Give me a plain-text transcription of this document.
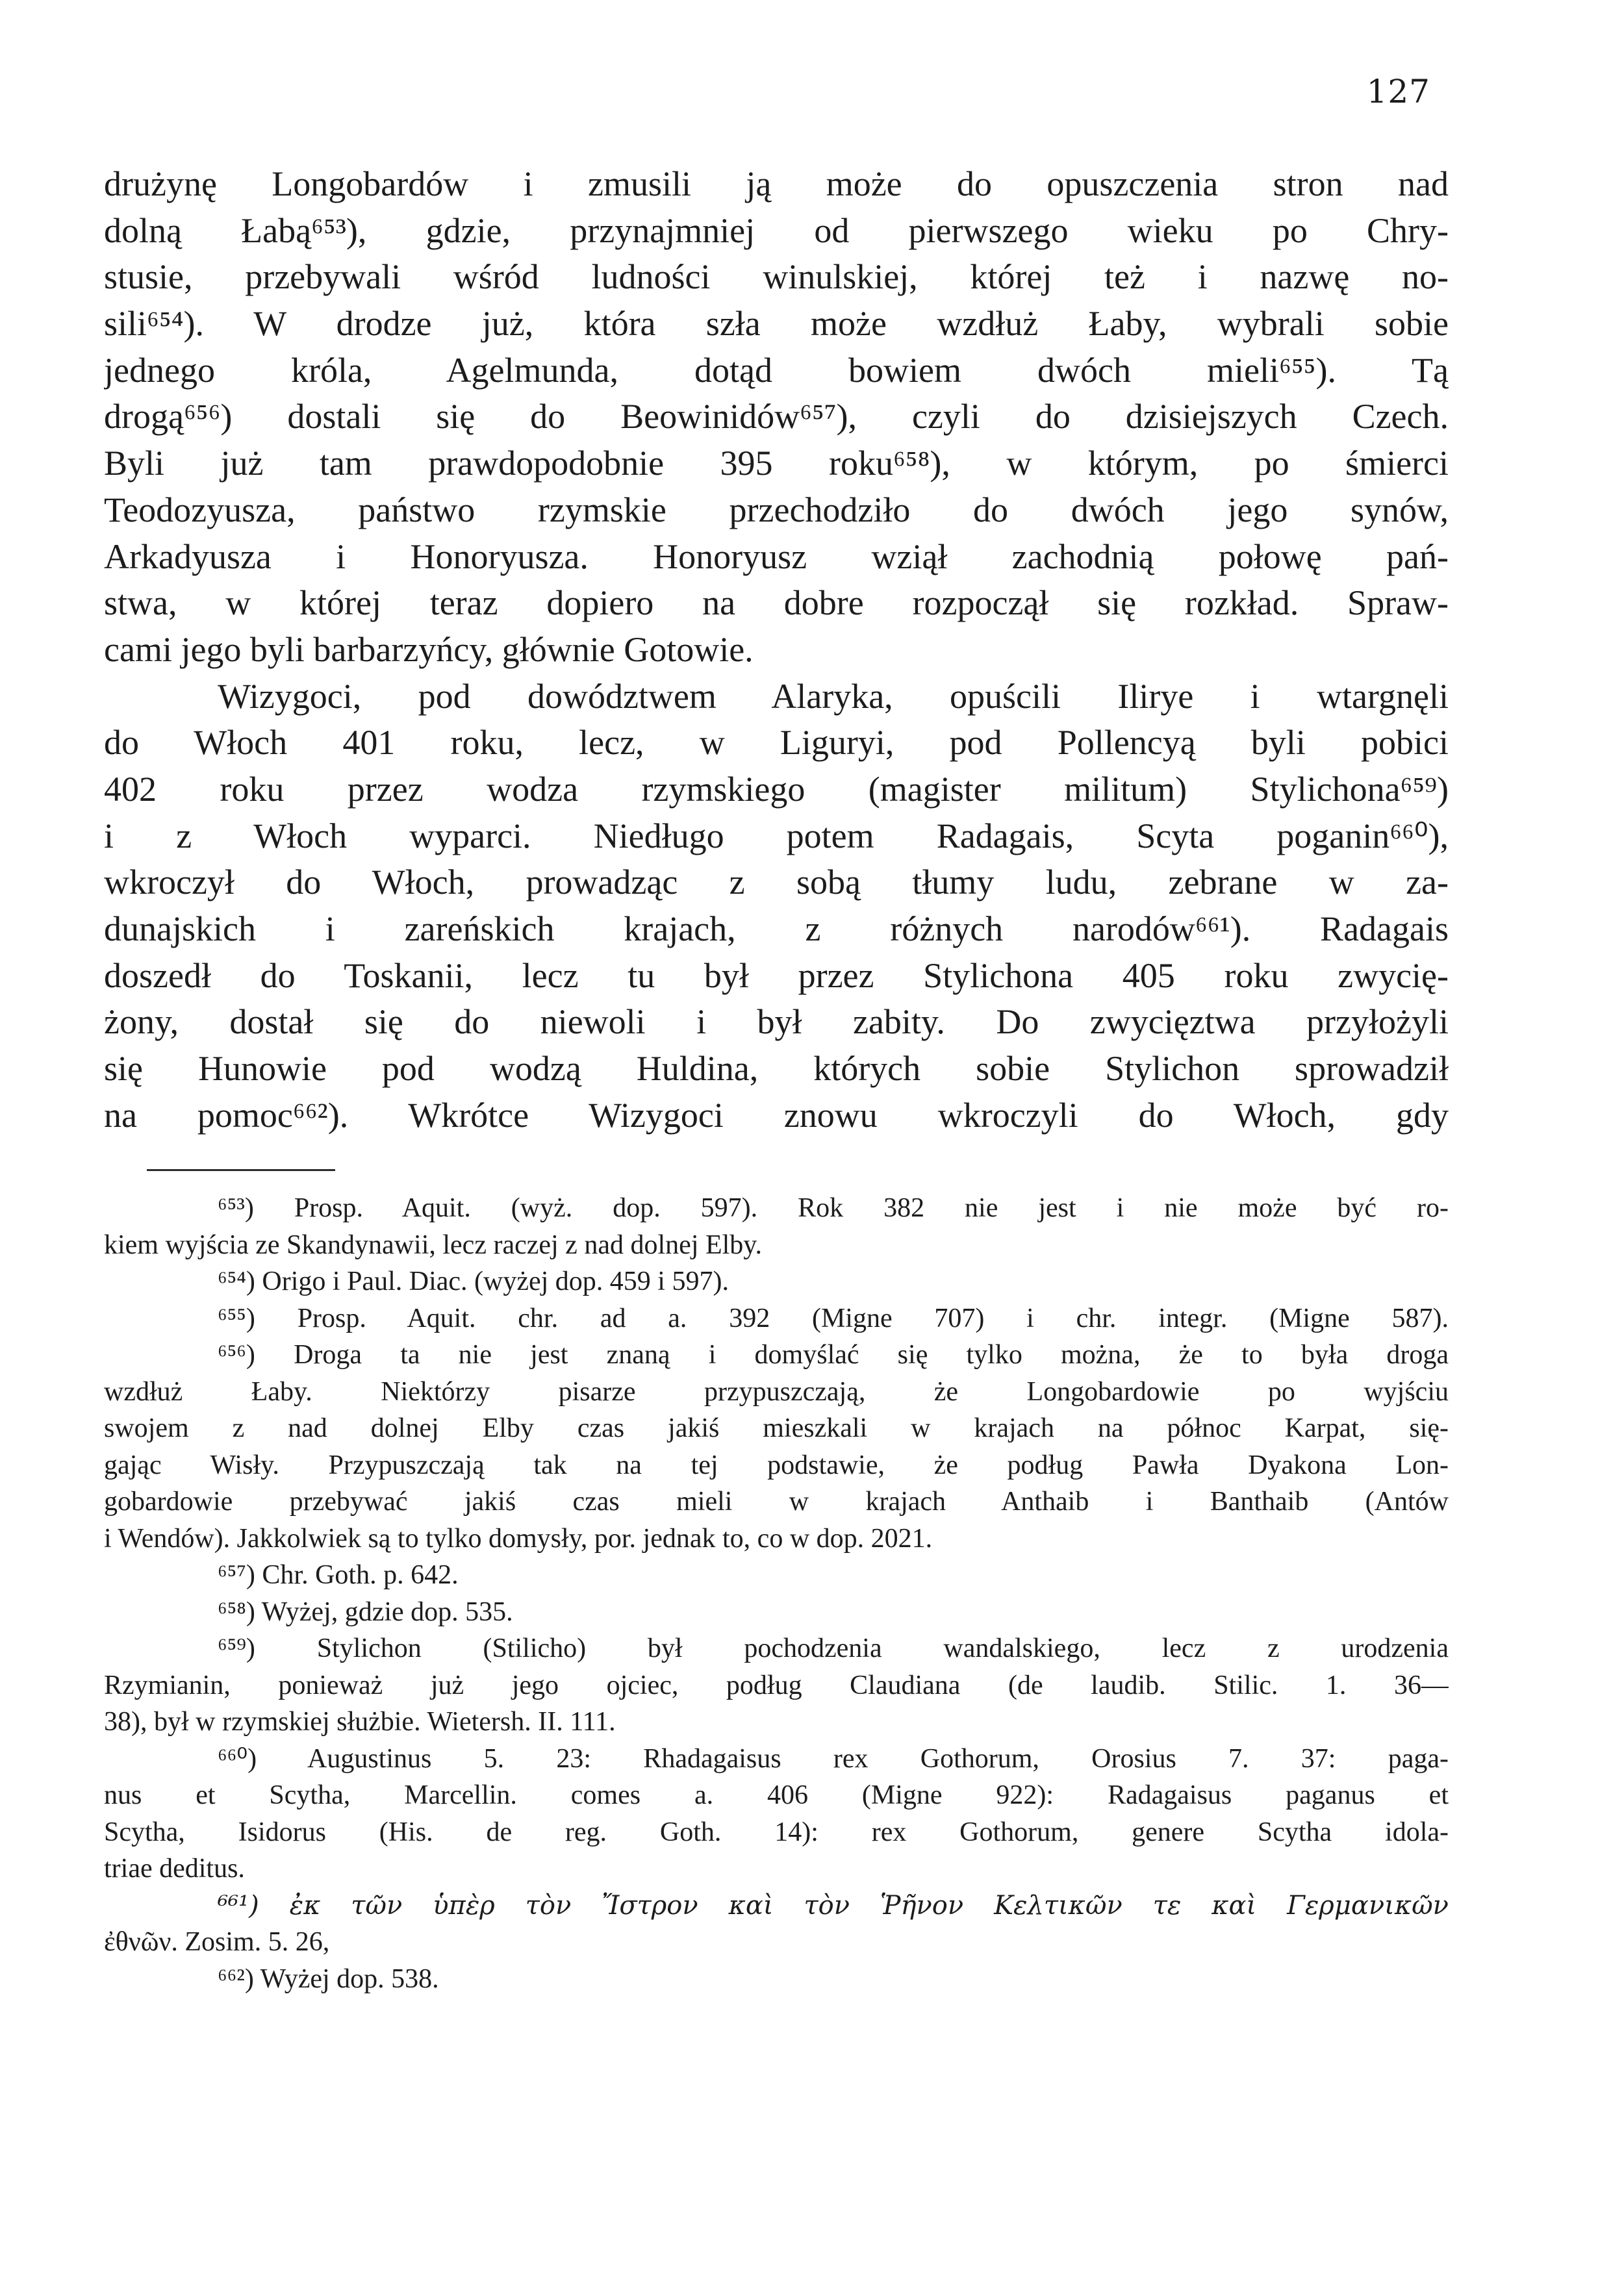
127
drużynę Longobardów i zmusili ją może do opuszczenia stron nad
dolną Łabą⁶⁵³), gdzie, przynajmniej od pierwszego wieku po Chry-
stusie, przebywali wśród ludności winulskiej, której też i nazwę no-
sili⁶⁵⁴). W drodze już, która szła może wzdłuż Łaby, wybrali sobie
jednego króla, Agelmunda, dotąd bowiem dwóch mieli⁶⁵⁵). Tą
drogą⁶⁵⁶) dostali się do Beowinidów⁶⁵⁷), czyli do dzisiejszych Czech.
Byli już tam prawdopodobnie 395 roku⁶⁵⁸), w którym, po śmierci
Teodozyusza, państwo rzymskie przechodziło do dwóch jego synów,
Arkadyusza i Honoryusza. Honoryusz wziął zachodnią połowę pań-
stwa, w której teraz dopiero na dobre rozpoczął się rozkład. Spraw-
cami jego byli barbarzyńcy, głównie Gotowie.
Wizygoci, pod dowództwem Alaryka, opuścili Ilirye i wtargnęli
do Włoch 401 roku, lecz, w Liguryi, pod Pollencyą byli pobici
402 roku przez wodza rzymskiego (magister militum) Stylichona⁶⁵⁹)
i z Włoch wyparci. Niedługo potem Radagais, Scyta poganin⁶⁶⁰),
wkroczył do Włoch, prowadząc z sobą tłumy ludu, zebrane w za-
dunajskich i zareńskich krajach, z różnych narodów⁶⁶¹). Radagais
doszedł do Toskanii, lecz tu był przez Stylichona 405 roku zwycię-
żony, dostał się do niewoli i był zabity. Do zwycięztwa przyłożyli
się Hunowie pod wodzą Huldina, których sobie Stylichon sprowadził
na pomoc⁶⁶²). Wkrótce Wizygoci znowu wkroczyli do Włoch, gdy
⁶⁵³) Prosp. Aquit. (wyż. dop. 597). Rok 382 nie jest i nie może być ro-
kiem wyjścia ze Skandynawii, lecz raczej z nad dolnej Elby.
⁶⁵⁴) Origo i Paul. Diac. (wyżej dop. 459 i 597).
⁶⁵⁵) Prosp. Aquit. chr. ad a. 392 (Migne 707) i chr. integr. (Migne 587).
⁶⁵⁶) Droga ta nie jest znaną i domyślać się tylko można, że to była droga
wzdłuż Łaby. Niektórzy pisarze przypuszczają, że Longobardowie po wyjściu
swojem z nad dolnej Elby czas jakiś mieszkali w krajach na północ Karpat, się-
gając Wisły. Przypuszczają tak na tej podstawie, że podług Pawła Dyakona Lon-
gobardowie przebywać jakiś czas mieli w krajach Anthaib i Banthaib (Antów
i Wendów). Jakkolwiek są to tylko domysły, por. jednak to, co w dop. 2021.
⁶⁵⁷) Chr. Goth. p. 642.
⁶⁵⁸) Wyżej, gdzie dop. 535.
⁶⁵⁹) Stylichon (Stilicho) był pochodzenia wandalskiego, lecz z urodzenia
Rzymianin, ponieważ już jego ojciec, podług Claudiana (de laudib. Stilic. 1. 36—
38), był w rzymskiej służbie. Wietersh. II. 111.
⁶⁶⁰) Augustinus 5. 23: Rhadagaisus rex Gothorum, Orosius 7. 37: paga-
nus et Scytha, Marcellin. comes a. 406 (Migne 922): Radagaisus paganus et
Scytha, Isidorus (His. de reg. Goth. 14): rex Gothorum, genere Scytha idola-
triae deditus.
⁶⁶¹) ἐκ τῶν ὑπὲρ τὸν Ἴστρον καὶ τὸν Ῥῆνον Κελτικῶν τε καὶ Γερμανικῶν
ἐθνῶν. Zosim. 5. 26,
⁶⁶²) Wyżej dop. 538.
